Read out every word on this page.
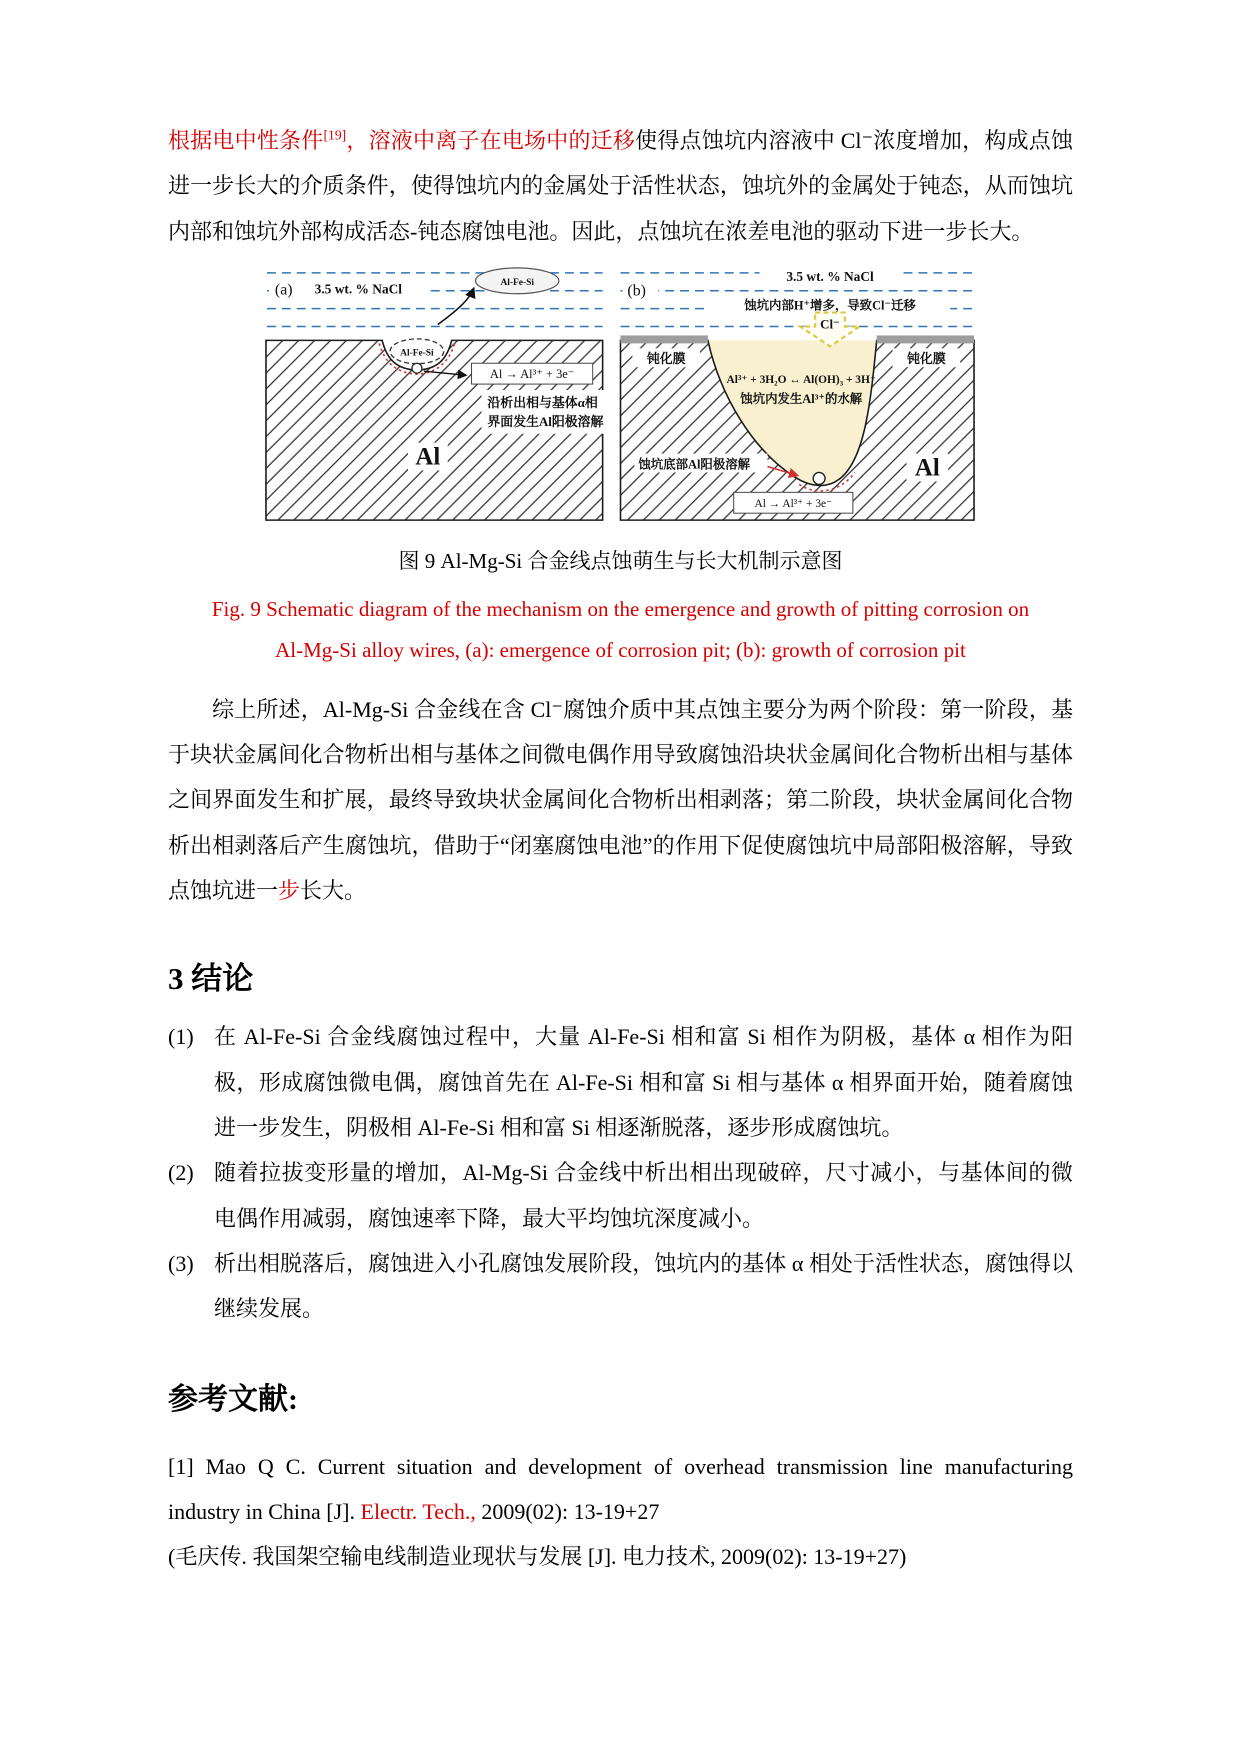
根据电中性条件[19]，溶液中离子在电场中的迁移使得点蚀坑内溶液中 Cl⁻浓度增加，构成点蚀进一步长大的介质条件，使得蚀坑内的金属处于活性状态，蚀坑外的金属处于钝态，从而蚀坑内部和蚀坑外部构成活态-钝态腐蚀电池。因此，点蚀坑在浓差电池的驱动下进一步长大。

(a) 3.5 wt. % NaCl
Al-Fe-Si
Al → Al³⁺ + 3e⁻
沿析出相与基体α相
界面发生Al阳极溶解
Al
Al-Fe-Si	(b)
3.5 wt. % NaCl
蚀坑内部H⁺增多，导致Cl⁻迁移
钝化膜	钝化膜
Cl⁻
Al³⁺ + 3H₂O ↔ Al(OH)₃ + 3H⁺
蚀坑内发生Al³⁺的水解
蚀坑底部Al阳极溶解
Al → Al³⁺ + 3e⁻
Al
图 9 Al-Mg-Si 合金线点蚀萌生与长大机制示意图
Fig. 9 Schematic diagram of the mechanism on the emergence and growth of pitting corrosion on
Al-Mg-Si alloy wires, (a): emergence of corrosion pit; (b): growth of corrosion pit

综上所述，Al-Mg-Si 合金线在含 Cl⁻腐蚀介质中其点蚀主要分为两个阶段：第一阶段，基于块状金属间化合物析出相与基体之间微电偶作用导致腐蚀沿块状金属间化合物析出相与基体之间界面发生和扩展，最终导致块状金属间化合物析出相剥落；第二阶段，块状金属间化合物析出相剥落后产生腐蚀坑，借助于“闭塞腐蚀电池”的作用下促使腐蚀坑中局部阳极溶解，导致点蚀坑进一步长大。

3 结论
(1) 在 Al-Fe-Si 合金线腐蚀过程中，大量 Al-Fe-Si 相和富 Si 相作为阴极，基体 α 相作为阳极，形成腐蚀微电偶，腐蚀首先在 Al-Fe-Si 相和富 Si 相与基体 α 相界面开始，随着腐蚀进一步发生，阴极相 Al-Fe-Si 相和富 Si 相逐渐脱落，逐步形成腐蚀坑。
(2) 随着拉拔变形量的增加，Al-Mg-Si 合金线中析出相出现破碎，尺寸减小，与基体间的微电偶作用减弱，腐蚀速率下降，最大平均蚀坑深度减小。
(3) 析出相脱落后，腐蚀进入小孔腐蚀发展阶段，蚀坑内的基体 α 相处于活性状态，腐蚀得以继续发展。
参考文献:

[1] Mao Q C. Current situation and development of overhead transmission line manufacturing industry in China [J]. Electr. Tech., 2009(02): 13-19+27

(毛庆传. 我国架空输电线制造业现状与发展 [J]. 电力技术, 2009(02): 13-19+27)
